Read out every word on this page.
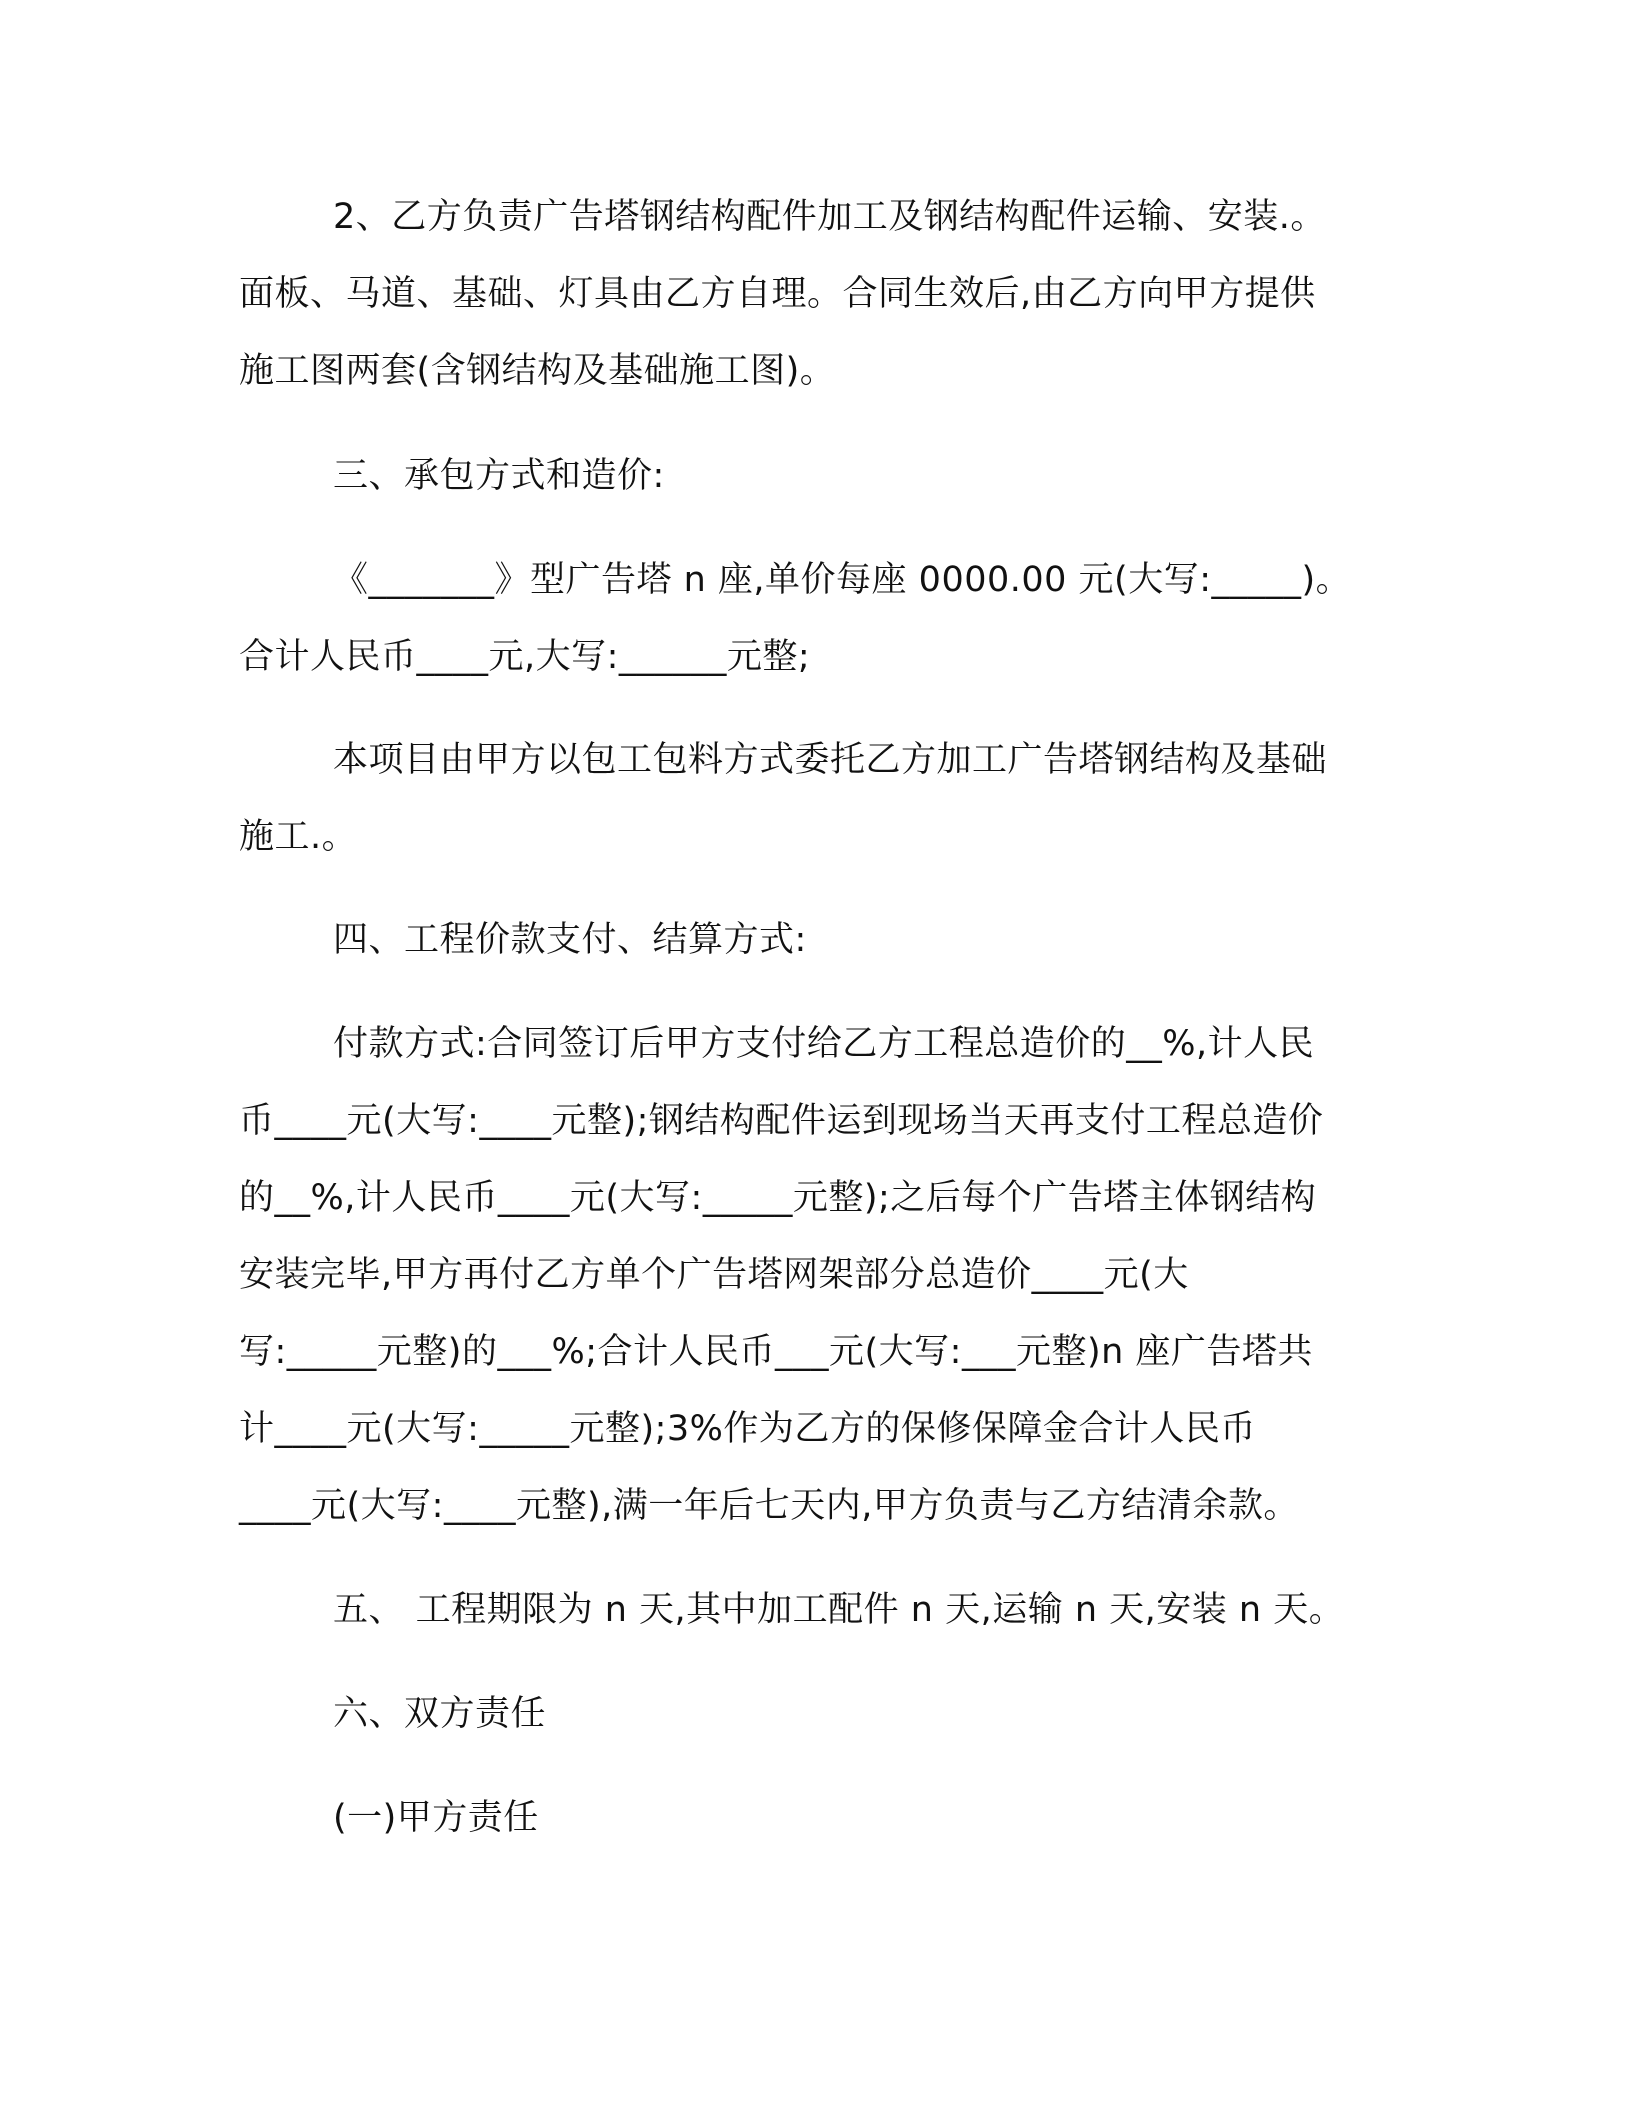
2、乙方负责广告塔钢结构配件加工及钢结构配件运输、安装.。
面板、马道、基础、灯具由乙方自理。合同生效后,由乙方向甲方提供
施工图两套(含钢结构及基础施工图)。
三、承包方式和造价:
《_______》型广告塔 n 座,单价每座 0000.00 元(大写:_____)。
合计人民币____元,大写:______元整;
本项目由甲方以包工包料方式委托乙方加工广告塔钢结构及基础
施工.。
四、工程价款支付、结算方式:
付款方式:合同签订后甲方支付给乙方工程总造价的__%,计人民
币____元(大写:____元整);钢结构配件运到现场当天再支付工程总造价
的__%,计人民币____元(大写:_____元整);之后每个广告塔主体钢结构
安装完毕,甲方再付乙方单个广告塔网架部分总造价____元(大
写:_____元整)的___%;合计人民币___元(大写:___元整)n 座广告塔共
计____元(大写:_____元整);3%作为乙方的保修保障金合计人民币
____元(大写:____元整),满一年后七天内,甲方负责与乙方结清余款。
五、 工程期限为 n 天,其中加工配件 n 天,运输 n 天,安装 n 天。
六、双方责任
(一)甲方责任
